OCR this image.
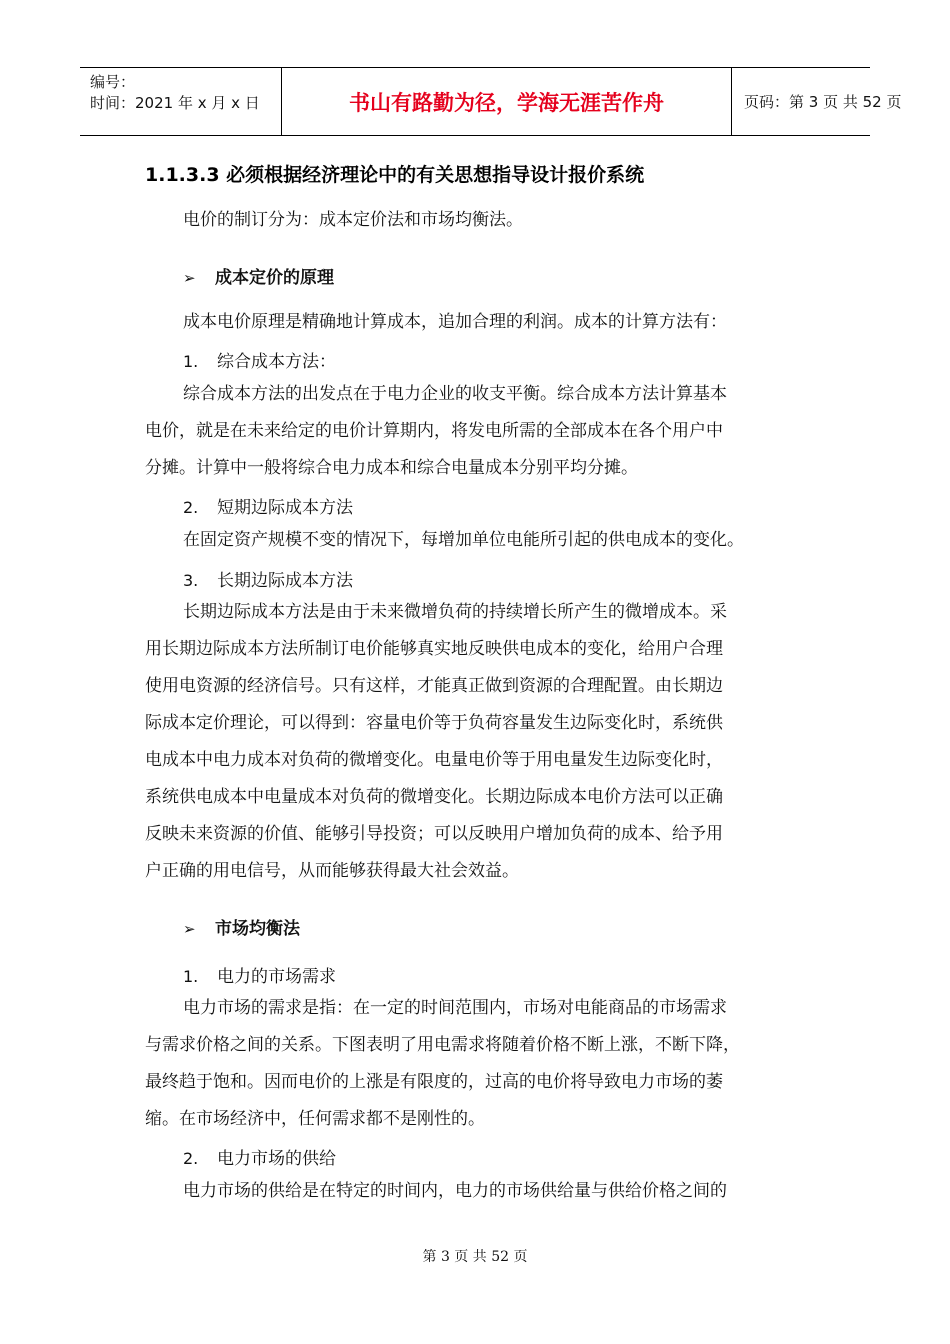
编号：
时间：2021 年 x 月 x 日	书山有路勤为径，学海无涯苦作舟	页码：第 3 页 共 52 页
1.1.3.3 必须根据经济理论中的有关思想指导设计报价系统
电价的制订分为：成本定价法和市场均衡法。
➢ 成本定价的原理
成本电价原理是精确地计算成本，追加合理的利润。成本的计算方法有：
1. 综合成本方法：
综合成本方法的出发点在于电力企业的收支平衡。综合成本方法计算基本
电价，就是在未来给定的电价计算期内，将发电所需的全部成本在各个用户中
分摊。计算中一般将综合电力成本和综合电量成本分别平均分摊。
2. 短期边际成本方法
在固定资产规模不变的情况下，每增加单位电能所引起的供电成本的变化。
3. 长期边际成本方法
长期边际成本方法是由于未来微增负荷的持续增长所产生的微增成本。采
用长期边际成本方法所制订电价能够真实地反映供电成本的变化，给用户合理
使用电资源的经济信号。只有这样，才能真正做到资源的合理配置。由长期边
际成本定价理论，可以得到：容量电价等于负荷容量发生边际变化时，系统供
电成本中电力成本对负荷的微增变化。电量电价等于用电量发生边际变化时，
系统供电成本中电量成本对负荷的微增变化。长期边际成本电价方法可以正确
反映未来资源的价值、能够引导投资；可以反映用户增加负荷的成本、给予用
户正确的用电信号，从而能够获得最大社会效益。
➢ 市场均衡法
1. 电力的市场需求
电力市场的需求是指：在一定的时间范围内，市场对电能商品的市场需求
与需求价格之间的关系。下图表明了用电需求将随着价格不断上涨，不断下降，
最终趋于饱和。因而电价的上涨是有限度的，过高的电价将导致电力市场的萎
缩。在市场经济中，任何需求都不是刚性的。
2. 电力市场的供给
电力市场的供给是在特定的时间内，电力的市场供给量与供给价格之间的
第 3 页 共 52 页
